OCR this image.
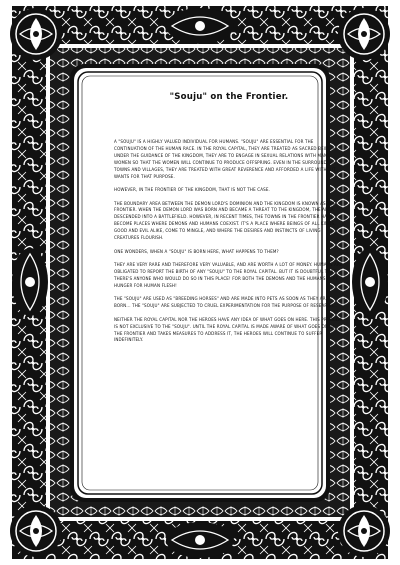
"Souju" on the Frontier.

A "SOUJU" IS A HIGHLY VALUED INDIVIDUAL FOR HUMANS. "SOUJU" ARE ESSENTIAL FOR THE CONTINUATION OF THE HUMAN RACE. IN THE ROYAL CAPITAL, THEY ARE TREATED AS SACRED BEINGS. UNDER THE GUIDANCE OF THE KINGDOM, THEY ARE TO ENGAGE IN SEXUAL RELATIONS WITH MANY WOMEN SO THAT THE WOMEN WILL CONTINUE TO PRODUCE OFFSPRING. EVEN IN THE SURROUNDING TOWNS AND VILLAGES, THEY ARE TREATED WITH GREAT REVERENCE AND AFFORDED A LIFE WITHOUT WANTS FOR THAT PURPOSE.

HOWEVER, IN THE FRONTIER OF THE KINGDOM, THAT IS NOT THE CASE.

THE BOUNDARY AREA BETWEEN THE DEMON LORD'S DOMINION AND THE KINGDOM IS KNOWN AS THE FRONTIER. WHEN THE DEMON LORD WAS BORN AND BECAME A THREAT TO THE KINGDOM, THE AREA DESCENDED INTO A BATTLEFIELD. HOWEVER, IN RECENT TIMES, THE TOWNS IN THE FRONTIER HAVE BECOME PLACES WHERE DEMONS AND HUMANS COEXIST. IT'S A PLACE WHERE BEINGS OF ALL KINDS, GOOD AND EVIL ALIKE, COME TO MINGLE, AND WHERE THE DESIRES AND INSTINCTS OF LIVING CREATURES FLOURISH.

ONE WONDERS, WHEN A "SOUJU" IS BORN HERE, WHAT HAPPENS TO THEM?

THEY ARE VERY RARE AND THEREFORE VERY VALUABLE, AND ARE WORTH A LOT OF MONEY. HUMANS ARE OBLIGATED TO REPORT THE BIRTH OF ANY "SOUJU" TO THE ROYAL CAPITAL. BUT IT IS DOUBTFUL THAT THERE'S ANYONE WHO WOULD DO SO IN THIS PLACE! FOR BOTH THE DEMONS AND THE HUMANS HERE HUNGER FOR HUMAN FLESH!

THE "SOUJU" ARE USED AS "BREEDING HORSES" AND ARE MADE INTO PETS AS SOON AS THEY ARE BORN... THE "SOUJU" ARE SUBJECTED TO CRUEL EXPERIMENTATION FOR THE PURPOSE OF RESEARCH...

NEITHER THE ROYAL CAPITAL NOR THE HEROES HAVE ANY IDEA OF WHAT GOES ON HERE. THIS PROBLEM IS NOT EXCLUSIVE TO THE "SOUJU". UNTIL THE ROYAL CAPITAL IS MADE AWARE OF WHAT GOES ON IN THE FRONTIER AND TAKES MEASURES TO ADDRESS IT, THE HEROES WILL CONTINUE TO SUFFER INDEFINITELY.
